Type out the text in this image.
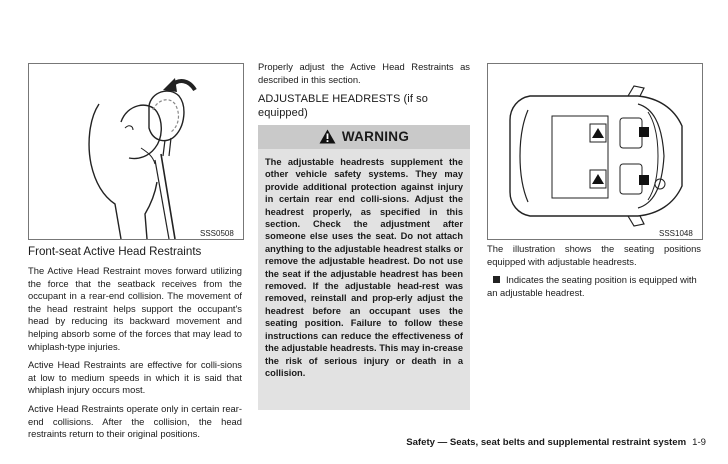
SSS0508
Front-seat Active Head Restraints

The Active Head Restraint moves forward utilizing the force that the seatback receives from the occupant in a rear-end collision. The movement of the head restraint helps support the occupant's head by reducing its backward movement and helping absorb some of the forces that may lead to whiplash-type injuries.

Active Head Restraints are effective for colli-sions at low to medium speeds in which it is said that whiplash injury occurs most.

Active Head Restraints operate only in certain rear-end collisions. After the collision, the head restraints return to their original positions.

Properly adjust the Active Head Restraints as described in this section.

ADJUSTABLE HEADRESTS (if so equipped)
WARNING
The adjustable headrests supplement the other vehicle safety systems. They may provide additional protection against injury in certain rear end colli-sions. Adjust the headrest properly, as specified in this section. Check the adjustment after someone else uses the seat. Do not attach anything to the adjustable headrest stalks or remove the adjustable headrest. Do not use the seat if the adjustable headrest has been removed. If the adjustable head-rest was removed, reinstall and prop-erly adjust the headrest before an occupant uses the seating position. Failure to follow these instructions can reduce the effectiveness of the adjustable headrests. This may in-crease the risk of serious injury or death in a collision.
SSS1048

The illustration shows the seating positions equipped with adjustable headrests.

Indicates the seating position is equipped with an adjustable headrest.

Safety — Seats, seat belts and supplemental restraint system 1-9
